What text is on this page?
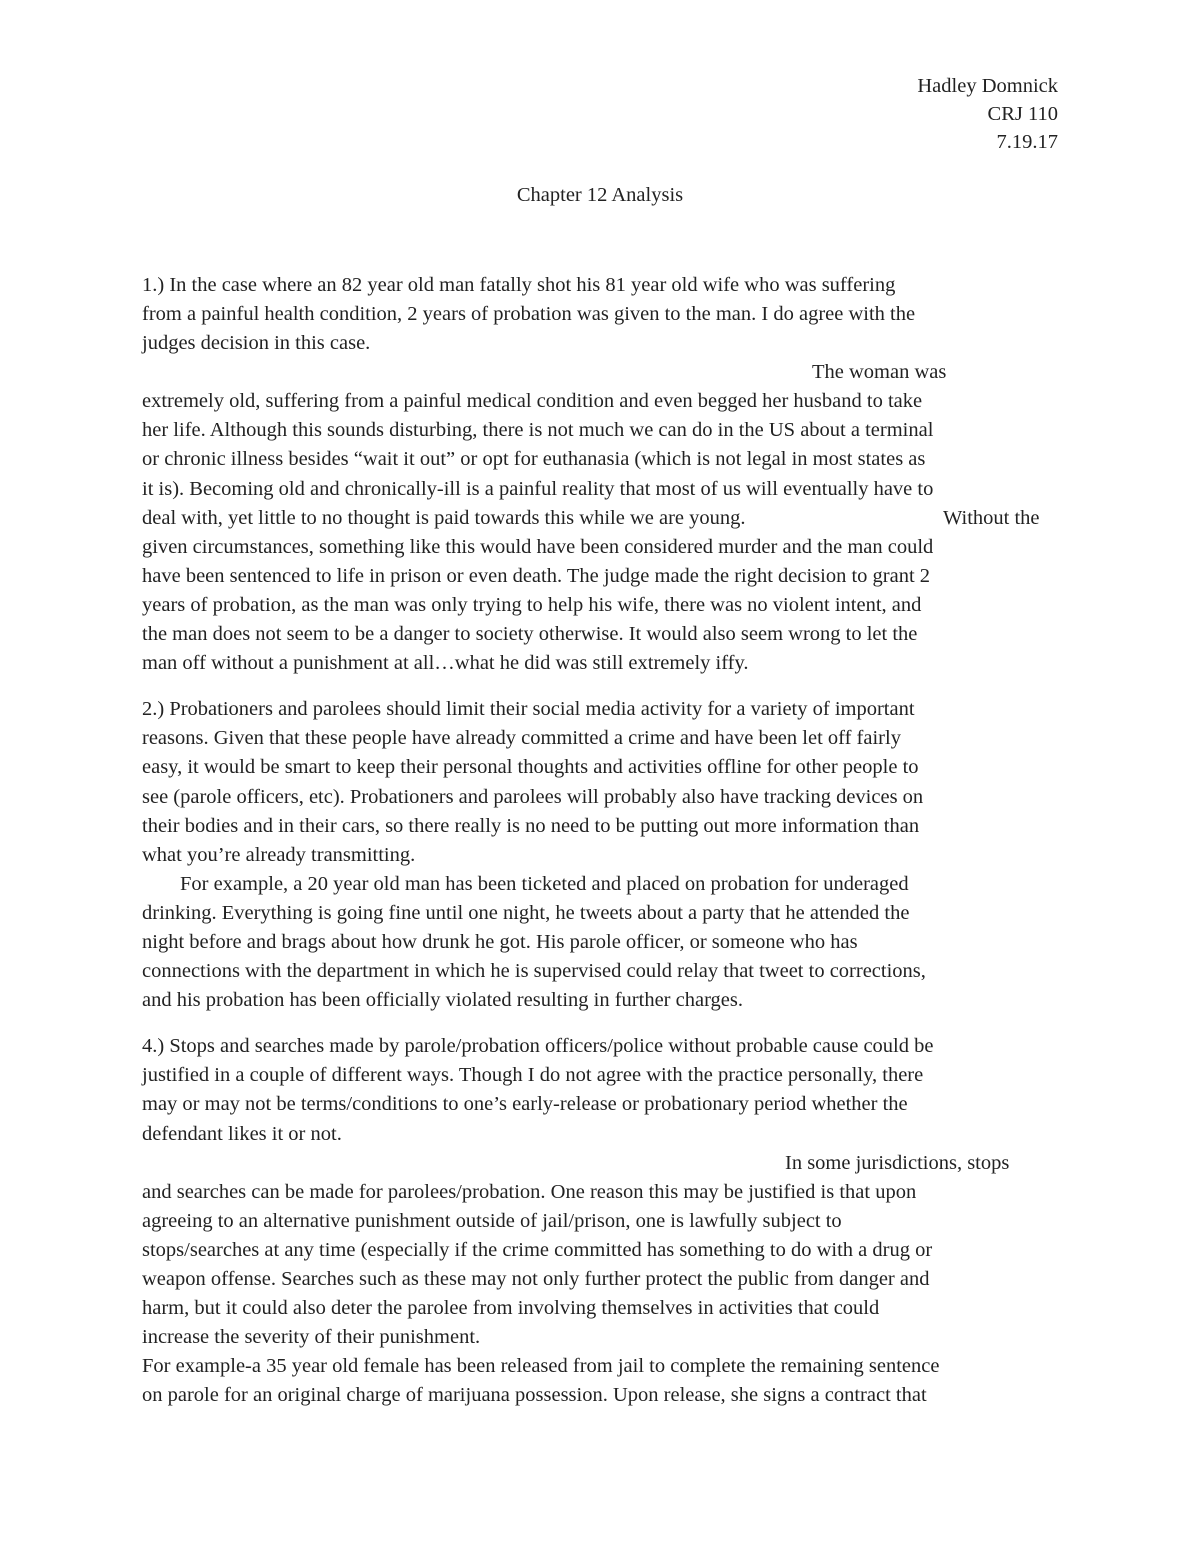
Hadley Domnick
CRJ 110
7.19.17
Chapter 12 Analysis

1.) In the case where an 82 year old man fatally shot his 81 year old wife who was suffering

from a painful health condition, 2 years of probation was given to the man. I do agree with the

judges decision in this case.

The woman was

extremely old, suffering from a painful medical condition and even begged her husband to take

her life. Although this sounds disturbing, there is not much we can do in the US about a terminal

or chronic illness besides “wait it out” or opt for euthanasia (which is not legal in most states as

it is). Becoming old and chronically-ill is a painful reality that most of us will eventually have to

deal with, yet little to no thought is paid towards this while we are young.	Without the

given circumstances, something like this would have been considered murder and the man could

have been sentenced to life in prison or even death. The judge made the right decision to grant 2

years of probation, as the man was only trying to help his wife, there was no violent intent, and

the man does not seem to be a danger to society otherwise. It would also seem wrong to let the

man off without a punishment at all…what he did was still extremely iffy.

2.) Probationers and parolees should limit their social media activity for a variety of important

reasons. Given that these people have already committed a crime and have been let off fairly

easy, it would be smart to keep their personal thoughts and activities offline for other people to

see (parole officers, etc). Probationers and parolees will probably also have tracking devices on

their bodies and in their cars, so there really is no need to be putting out more information than

what you’re already transmitting.

For example, a 20 year old man has been ticketed and placed on probation for underaged

drinking. Everything is going fine until one night, he tweets about a party that he attended the

night before and brags about how drunk he got. His parole officer, or someone who has

connections with the department in which he is supervised could relay that tweet to corrections,

and his probation has been officially violated resulting in further charges.

4.) Stops and searches made by parole/probation officers/police without probable cause could be

justified in a couple of different ways. Though I do not agree with the practice personally, there

may or may not be terms/conditions to one’s early-release or probationary period whether the

defendant likes it or not.

In some jurisdictions, stops

and searches can be made for parolees/probation. One reason this may be justified is that upon

agreeing to an alternative punishment outside of jail/prison, one is lawfully subject to

stops/searches at any time (especially if the crime committed has something to do with a drug or

weapon offense. Searches such as these may not only further protect the public from danger and

harm, but it could also deter the parolee from involving themselves in activities that could

increase the severity of their punishment.

For example-a 35 year old female has been released from jail to complete the remaining sentence

on parole for an original charge of marijuana possession. Upon release, she signs a contract that
